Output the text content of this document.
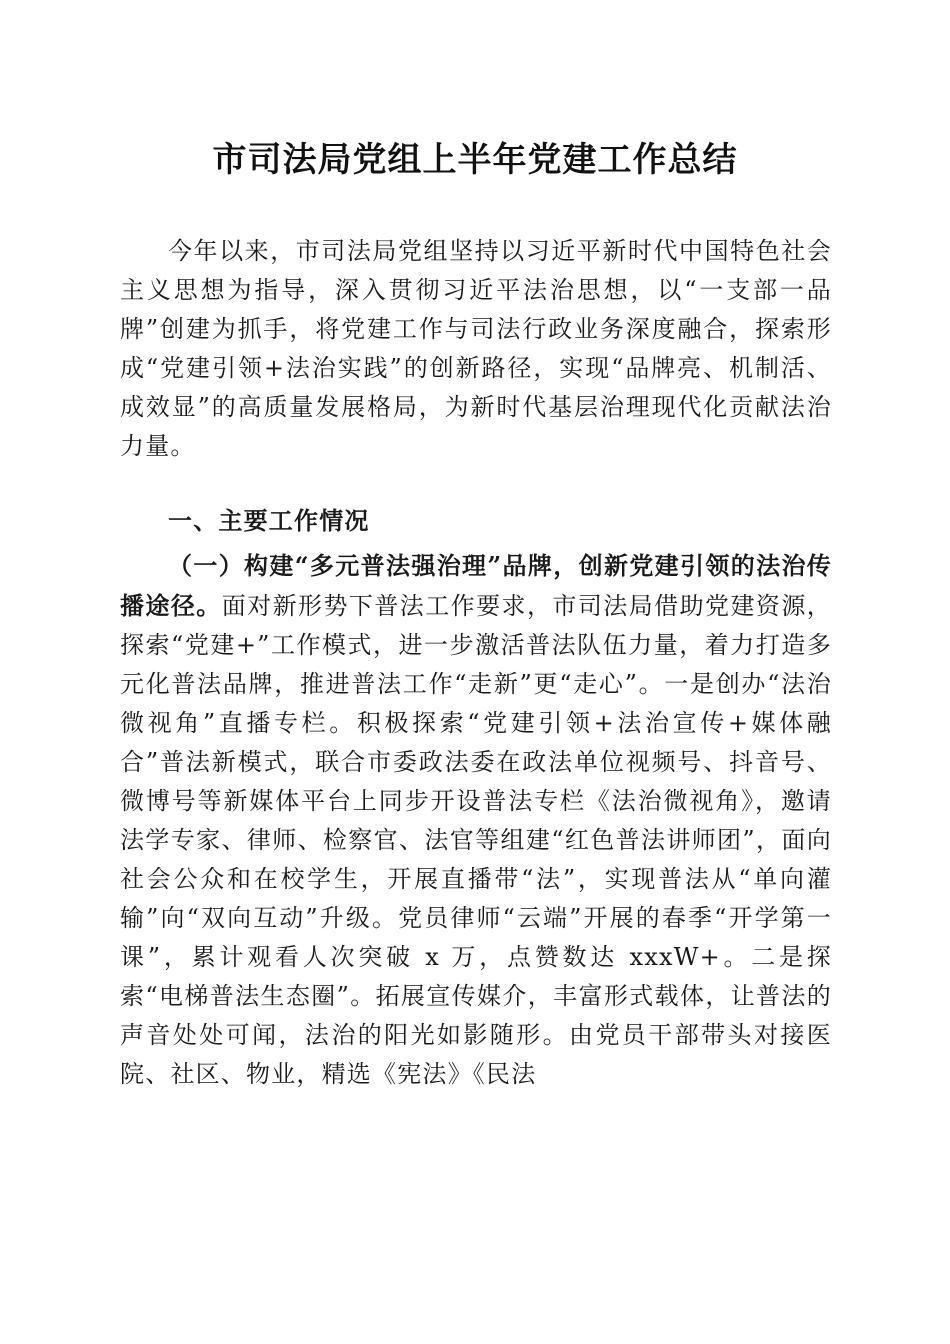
市司法局党组上半年党建工作总结
今年以来，市司法局党组坚持以习近平新时代中国特色社会主义思想为指导，深入贯彻习近平法治思想，以“一支部一品牌”创建为抓手，将党建工作与司法行政业务深度融合，探索形成“党建引领+法治实践”的创新路径，实现“品牌亮、机制活、成效显”的高质量发展格局，为新时代基层治理现代化贡献法治力量。
一、主要工作情况
（一）构建“多元普法强治理”品牌，创新党建引领的法治传播途径。面对新形势下普法工作要求，市司法局借助党建资源，探索“党建+”工作模式，进一步激活普法队伍力量，着力打造多元化普法品牌，推进普法工作“走新”更“走心”。一是创办“法治微视角”直播专栏。积极探索“党建引领+法治宣传+媒体融合”普法新模式，联合市委政法委在政法单位视频号、抖音号、微博号等新媒体平台上同步开设普法专栏《法治微视角》，邀请法学专家、律师、检察官、法官等组建“红色普法讲师团”，面向社会公众和在校学生，开展直播带“法”，实现普法从“单向灌输”向“双向互动”升级。党员律师“云端”开展的春季“开学第一课”，累计观看人次突破 x 万，点赞数达 xxxW+。二是探索“电梯普法生态圈”。拓展宣传媒介，丰富形式载体，让普法的声音处处可闻，法治的阳光如影随形。由党员干部带头对接医院、社区、物业，精选《宪法》《民法
